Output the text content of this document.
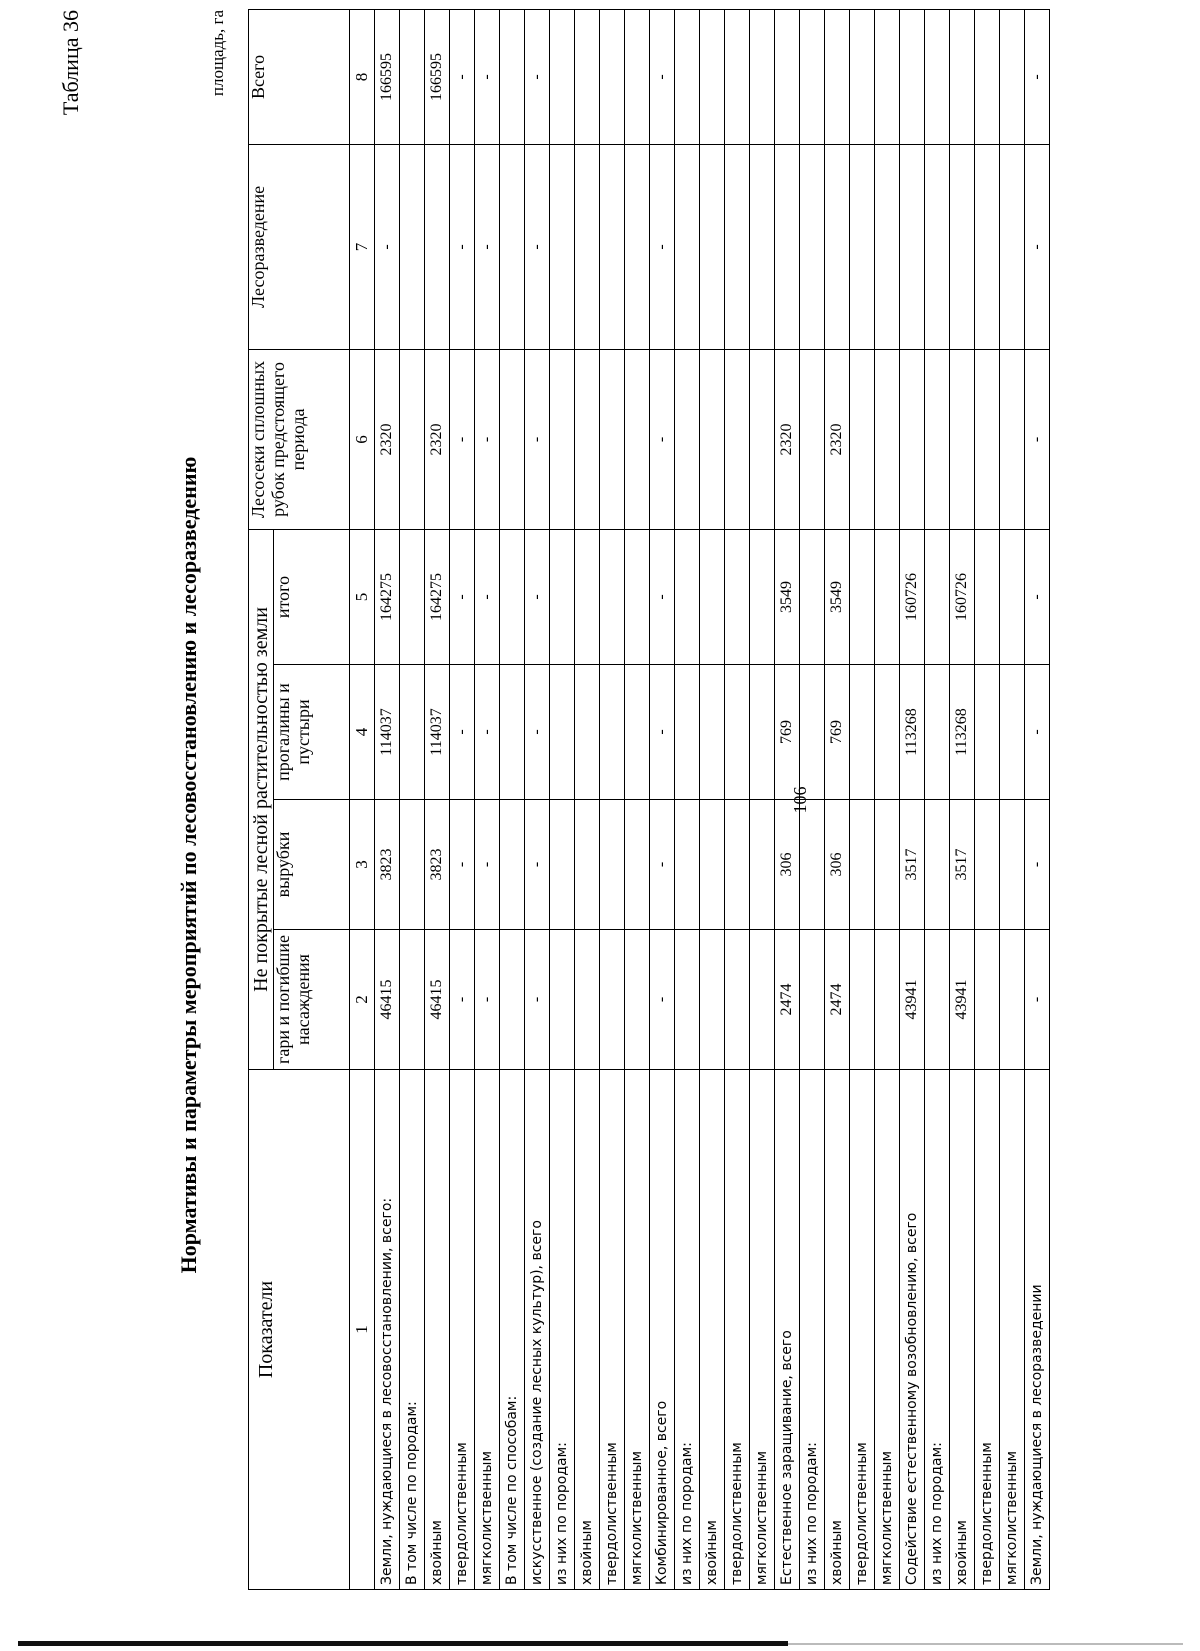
Таблица 36
Нормативы и параметры мероприятий по лесовосстановлению и лесоразведению
площадь, га
Показатели	Не покрытые лесной растительностью земли				Лесосеки сплошных рубок предстоящего периода	Лесоразведение	Всего
	гари и погибшие насаждения	вырубки	прогалины и пустыри	итого			
1	2	3	4	5	6	7	8
Земли, нуждающиеся в лесовосстановлении, всего:	46415	3823	114037	164275	2320	-	166595
В том числе по породам:							
хвойным	46415	3823	114037	164275	2320		166595
твердолиственным	-	-	-	-	-	-	-
мягколиственным	-	-	-	-	-	-	-
В том числе по способам:							
искусственное (создание лесных культур), всего	-	-	-	-	-	-	-
из них по породам:							
хвойным							
твердолиственным							
мягколиственным							
Комбинированное, всего	-	-	-	-	-	-	-
из них по породам:							
хвойным							
твердолиственным							
мягколиственным							
Естественное заращивание, всего	2474	306	769	3549	2320		
из них по породам:							
хвойным	2474	306	769	3549	2320		
твердолиственным							
мягколиственным							
Содействие естественному возобновлению, всего	43941	3517	113268	160726			
из них по породам:							
хвойным	43941	3517	113268	160726			
твердолиственным							
мягколиственным							
Земли, нуждающиеся в лесоразведении	-	-	-	-	-	-	-
106
